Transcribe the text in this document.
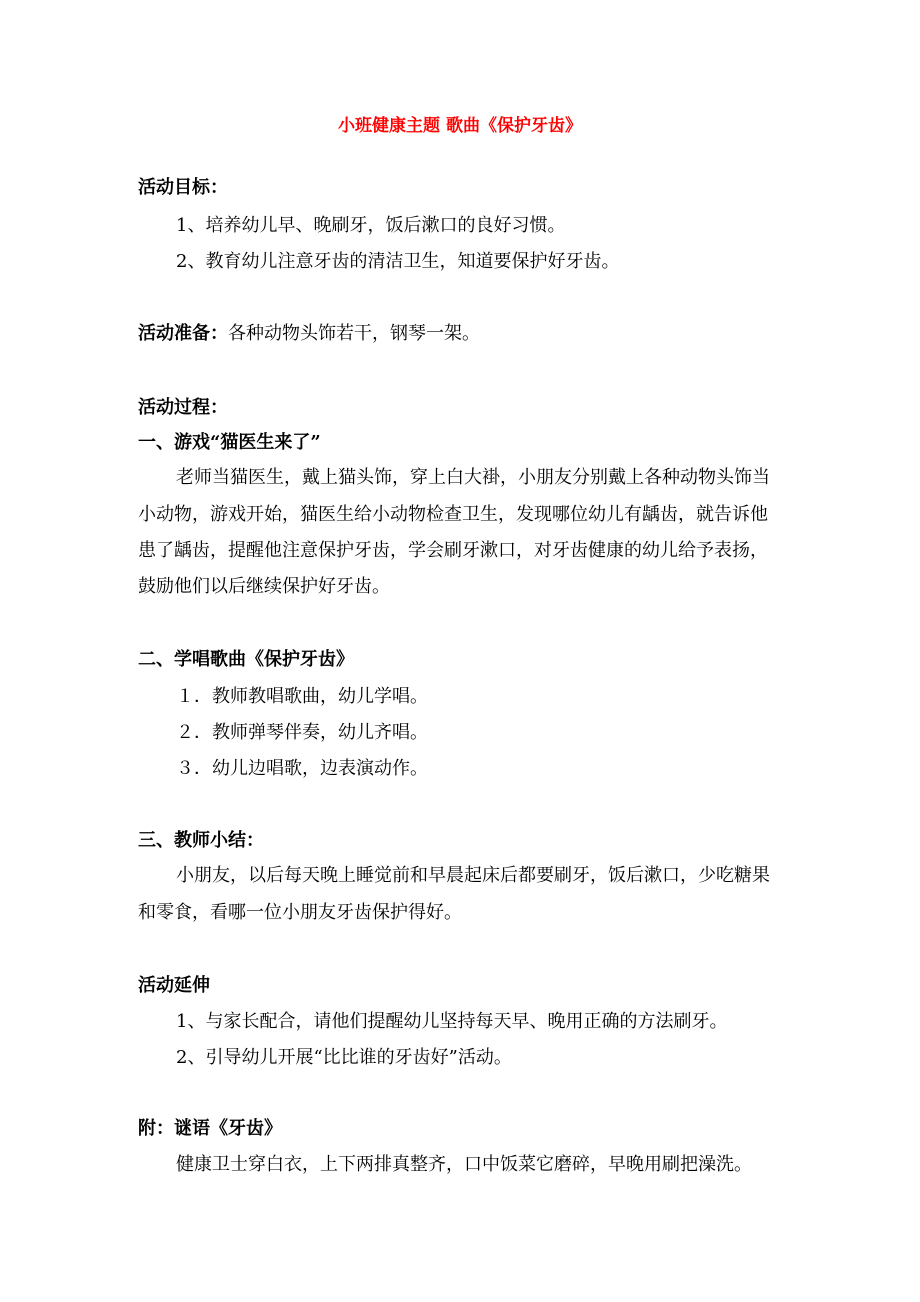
小班健康主题 歌曲《保护牙齿》
活动目标：
1、培养幼儿早、晚刷牙，饭后漱口的良好习惯。
2、教育幼儿注意牙齿的清洁卫生，知道要保护好牙齿。
活动准备：各种动物头饰若干，钢琴一架。
活动过程：
一、游戏“猫医生来了”
老师当猫医生，戴上猫头饰，穿上白大褂，小朋友分别戴上各种动物头饰当
小动物，游戏开始，猫医生给小动物检查卫生，发现哪位幼儿有龋齿，就告诉他
患了龋齿，提醒他注意保护牙齿，学会刷牙漱口，对牙齿健康的幼儿给予表扬，
鼓励他们以后继续保护好牙齿。
二、学唱歌曲《保护牙齿》
１．教师教唱歌曲，幼儿学唱。
２．教师弹琴伴奏，幼儿齐唱。
３．幼儿边唱歌，边表演动作。
三、教师小结：
小朋友，以后每天晚上睡觉前和早晨起床后都要刷牙，饭后漱口，少吃糖果
和零食，看哪一位小朋友牙齿保护得好。
活动延伸
1、与家长配合，请他们提醒幼儿坚持每天早、晚用正确的方法刷牙。
2、引导幼儿开展“比比谁的牙齿好”活动。
附：谜语《牙齿》
健康卫士穿白衣，上下两排真整齐，口中饭菜它磨碎，早晚用刷把澡洗。
